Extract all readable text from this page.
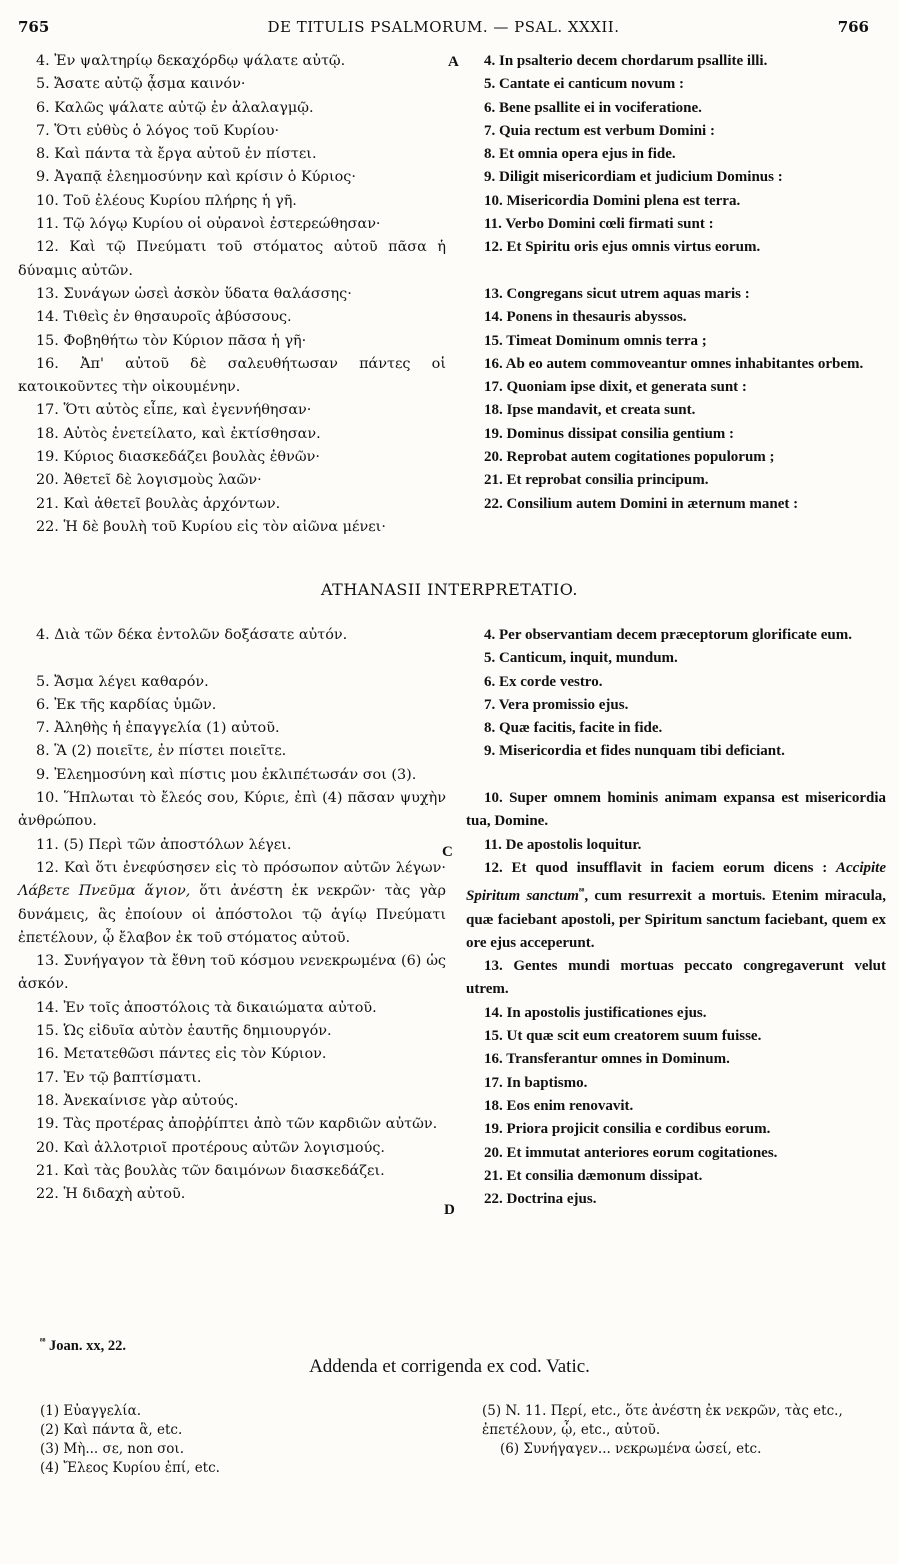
765	DE TITULIS PSALMORUM. — PSAL. XXXII.	766
4. Ἐν ψαλτηρίῳ δεκαχόρδῳ ψάλατε αὐτῷ.
5. Ἄσατε αὐτῷ ᾆσμα καινόν·
6. Καλῶς ψάλατε αὐτῷ ἐν ἀλαλαγμῷ.
7. Ὅτι εὐθὺς ὁ λόγος τοῦ Κυρίου·
8. Καὶ πάντα τὰ ἔργα αὐτοῦ ἐν πίστει.
9. Ἀγαπᾷ ἐλεημοσύνην καὶ κρίσιν ὁ Κύριος·
10. Τοῦ ἐλέους Κυρίου πλήρης ἡ γῆ.
11. Τῷ λόγῳ Κυρίου οἱ οὐρανοὶ ἐστερεώθησαν·
12. Καὶ τῷ Πνεύματι τοῦ στόματος αὐτοῦ πᾶσα ἡ δύναμις αὐτῶν.
13. Συνάγων ὡσεὶ ἀσκὸν ὕδατα θαλάσσης·
14. Τιθεὶς ἐν θησαυροῖς ἀβύσσους.
15. Φοβηθήτω τὸν Κύριον πᾶσα ἡ γῆ·
16. Ἀπ' αὐτοῦ δὲ σαλευθήτωσαν πάντες οἱ κατοικοῦντες τὴν οἰκουμένην.
17. Ὅτι αὐτὸς εἶπε, καὶ ἐγεννήθησαν·
18. Αὐτὸς ἐνετείλατο, καὶ ἐκτίσθησαν.
19. Κύριος διασκεδάζει βουλὰς ἐθνῶν·
20. Ἀθετεῖ δὲ λογισμοὺς λαῶν·
21. Καὶ ἀθετεῖ βουλὰς ἀρχόντων.
22. Ἡ δὲ βουλὴ τοῦ Κυρίου εἰς τὸν αἰῶνα μένει·
A	4. In psalterio decem chordarum psallite illi.
5. Cantate ei canticum novum :
6. Bene psallite ei in vociferatione.
7. Quia rectum est verbum Domini :
8. Et omnia opera ejus in fide.
9. Diligit misericordiam et judicium Dominus :
10. Misericordia Domini plena est terra.
11. Verbo Domini cœli firmati sunt :
12. Et Spiritu oris ejus omnis virtus eorum.
13. Congregans sicut utrem aquas maris :
14. Ponens in thesauris abyssos.
15. Timeat Dominum omnis terra ;
16. Ab eo autem commoveantur omnes inhabitantes orbem.
17. Quoniam ipse dixit, et generata sunt :
18. Ipse mandavit, et creata sunt.
19. Dominus dissipat consilia gentium :
20. Reprobat autem cogitationes populorum ;
21. Et reprobat consilia principum.
22. Consilium autem Domini in æternum manet :
ATHANASII INTERPRETATIO.
4. Διὰ τῶν δέκα ἐντολῶν δοξάσατε αὐτόν.
5. Ἄσμα λέγει καθαρόν.
6. Ἐκ τῆς καρδίας ὑμῶν.
7. Ἀληθὴς ἡ ἐπαγγελία (1) αὐτοῦ.
8. Ἃ (2) ποιεῖτε, ἐν πίστει ποιεῖτε.
9. Ἐλεημοσύνη καὶ πίστις μου ἐκλιπέτωσάν σοι (3).
10. Ἥπλωται τὸ ἔλεός σου, Κύριε, ἐπὶ (4) πᾶσαν ψυχὴν ἀνθρώπου.
11. (5) Περὶ τῶν ἀποστόλων λέγει.
12. Καὶ ὅτι ἐνεφύσησεν εἰς τὸ πρόσωπον αὐτῶν λέγων· Λάβετε Πνεῦμα ἅγιον, ὅτι ἀνέστη ἐκ νεκρῶν· τὰς γὰρ δυνάμεις, ἃς ἐποίουν οἱ ἀπόστολοι τῷ ἁγίῳ Πνεύματι ἐπετέλουν, ᾧ ἔλαβον ἐκ τοῦ στόματος αὐτοῦ.
13. Συνήγαγον τὰ ἔθνη τοῦ κόσμου νενεκρωμένα (6) ὡς ἀσκόν.
14. Ἐν τοῖς ἀποστόλοις τὰ δικαιώματα αὐτοῦ.
15. Ὡς εἰδυῖα αὐτὸν ἑαυτῆς δημιουργόν.
16. Μετατεθῶσι πάντες εἰς τὸν Κύριον.
17. Ἐν τῷ βαπτίσματι.
18. Ἀνεκαίνισε γὰρ αὐτούς.
19. Τὰς προτέρας ἀποῤῥίπτει ἀπὸ τῶν καρδιῶν αὐτῶν.
20. Καὶ ἀλλοτριοῖ προτέρους αὐτῶν λογισμούς.
21. Καὶ τὰς βουλὰς τῶν δαιμόνων διασκεδάζει.
22. Ἡ διδαχὴ αὐτοῦ.
C
D
4. Per observantiam decem præceptorum glorificate eum.
5. Canticum, inquit, mundum.
6. Ex corde vestro.
7. Vera promissio ejus.
8. Quæ facitis, facite in fide.
9. Misericordia et fides nunquam tibi deficiant.
10. Super omnem hominis animam expansa est misericordia tua, Domine.
11. De apostolis loquitur.
12. Et quod insufflavit in faciem eorum dicens : Accipite Spiritum sanctum$^{^{88}}$, cum resurrexit a mortuis. Etenim miracula, quæ faciebant apostoli, per Spiritum sanctum faciebant, quem ex ore ejus acceperunt.
13. Gentes mundi mortuas peccato congregaverunt velut utrem.
14. In apostolis justificationes ejus.
15. Ut quæ scit eum creatorem suum fuisse.
16. Transferantur omnes in Dominum.
17. In baptismo.
18. Eos enim renovavit.
19. Priora projicit consilia e cordibus eorum.
20. Et immutat anteriores eorum cogitationes.
21. Et consilia dæmonum dissipat.
22. Doctrina ejus.
$^{^{88}}$ Joan. xx, 22.
Addenda et corrigenda ex cod. Vatic.
(1) Εὐαγγελία.
(2) Καὶ πάντα ἃ, etc.
(3) Μὴ... σε, non σοι.
(4) Ἔλεος Κυρίου ἐπί, etc.
(5) N. 11. Περί, etc., ὅτε ἀνέστη ἐκ νεκρῶν, τὰς etc.,
ἐπετέλουν, ᾧ, etc., αὐτοῦ.
(6) Συνήγαγεν... νεκρωμένα ὡσεί, etc.
